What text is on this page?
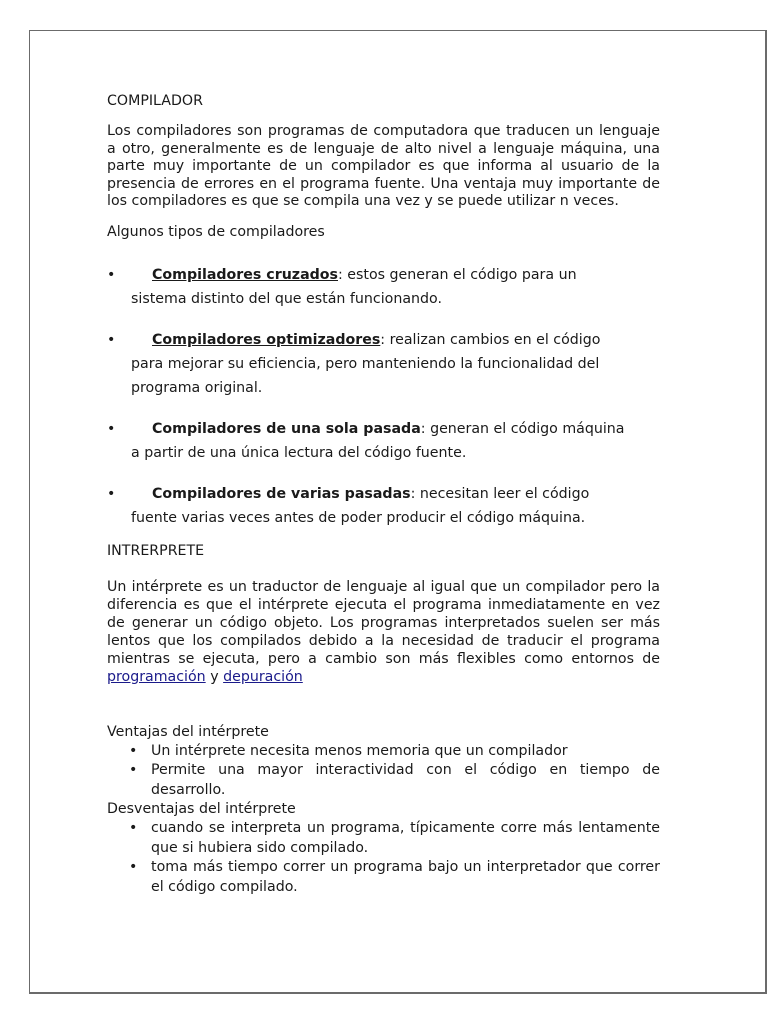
COMPILADOR

Los compiladores son programas de computadora que traducen un lenguaje a otro, generalmente es de lenguaje de alto nivel a lenguaje máquina, una parte muy importante de un compilador es que informa al usuario de la presencia de errores en el programa fuente. Una ventaja muy importante de los compiladores es que se compila una vez y se puede utilizar n veces.

Algunos tipos de compiladores

•	Compiladores cruzados: estos generan el código para un
sistema distinto del que están funcionando.
•	Compiladores optimizadores: realizan cambios en el código
para mejorar su eficiencia, pero manteniendo la funcionalidad del
programa original.
•	Compiladores de una sola pasada: generan el código máquina
a partir de una única lectura del código fuente.
•	Compiladores de varias pasadas: necesitan leer el código
fuente varias veces antes de poder producir el código máquina.

INTRERPRETE

Un intérprete es un traductor de lenguaje al igual que un compilador pero la diferencia es que el intérprete ejecuta el programa inmediatamente en vez de generar un código objeto. Los programas interpretados suelen ser más lentos que los compilados debido a la necesidad de traducir el programa mientras se ejecuta, pero a cambio son más flexibles como entornos de programación y depuración

Ventajas del intérprete

• Un intérprete necesita menos memoria que un compilador
• Permite una mayor interactividad con el código en tiempo de desarrollo.

Desventajas del intérprete

• cuando se interpreta un programa, típicamente corre más lentamente que si hubiera sido compilado.
• toma más tiempo correr un programa bajo un interpretador que correr el código compilado.
